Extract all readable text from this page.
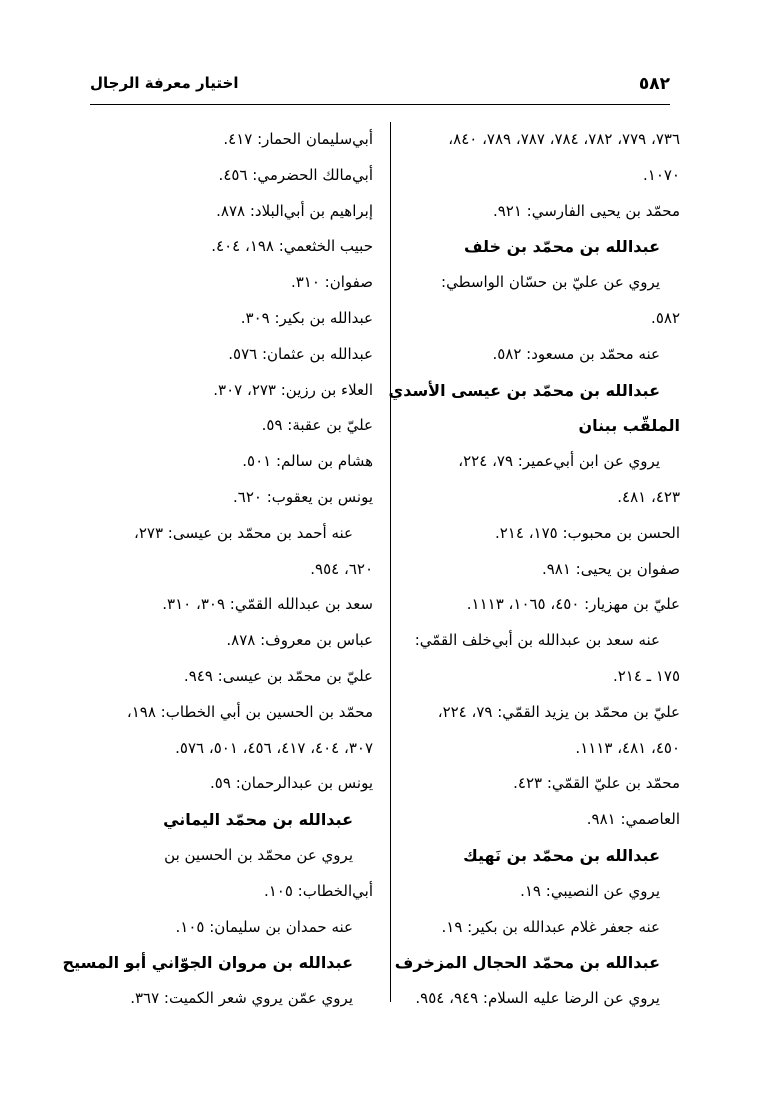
٥٨٢
اختيار معرفة الرجال
٧٣٦، ٧٧٩، ٧٨٢، ٧٨٤، ٧٨٧، ٧٨٩، ٨٤٠،
١٠٧٠.
محمّد بن يحيى الفارسي: ٩٢١.
عبدالله بن محمّد بن خلف
يروي عن عليّ بن حسّان الواسطي:
٥٨٢.
عنه محمّد بن مسعود: ٥٨٢.
عبدالله بن محمّد بن عيسى الأسدي
الملقّب ببنان
يروي عن ابن أبي‌عمير: ٧٩، ٢٢٤،
٤٢٣، ٤٨١.
الحسن بن محبوب: ١٧٥، ٢١٤.
صفوان بن يحيى: ٩٨١.
عليّ بن مهزيار: ٤٥٠، ١٠٦٥، ١١١٣.
عنه سعد بن عبدالله بن أبي‌خلف القمّي:
١٧٥ ـ ٢١٤.
عليّ بن محمّد بن يزيد القمّي: ٧٩، ٢٢٤،
٤٥٠، ٤٨١، ١١١٣.
محمّد بن عليّ القمّي: ٤٢٣.
العاصمي: ٩٨١.
عبدالله بن محمّد بن نَهيك
يروي عن النصيبي: ١٩.
عنه جعفر غلام عبدالله بن بكير: ١٩.
عبدالله بن محمّد الحجال المزخرف
يروي عن الرضا عليه السلام: ٩٤٩، ٩٥٤.
أبي‌سليمان الحمار: ٤١٧.
أبي‌مالك الحضرمي: ٤٥٦.
إبراهيم بن أبي‌البلاد: ٨٧٨.
حبيب الخثعمي: ١٩٨، ٤٠٤.
صفوان: ٣١٠.
عبدالله بن بكير: ٣٠٩.
عبدالله بن عثمان: ٥٧٦.
العلاء بن رزين: ٢٧٣، ٣٠٧.
عليّ بن عقبة: ٥٩.
هشام بن سالم: ٥٠١.
يونس بن يعقوب: ٦٢٠.
عنه أحمد بن محمّد بن عيسى: ٢٧٣،
٦٢٠، ٩٥٤.
سعد بن عبدالله القمّي: ٣٠٩، ٣١٠.
عباس بن معروف: ٨٧٨.
عليّ بن محمّد بن عيسى: ٩٤٩.
محمّد بن الحسين بن أبي الخطاب: ١٩٨،
٣٠٧، ٤٠٤، ٤١٧، ٤٥٦، ٥٠١، ٥٧٦.
يونس بن عبدالرحمان: ٥٩.
عبدالله بن محمّد اليماني
يروي عن محمّد بن الحسين بن
أبي‌الخطاب: ١٠٥.
عنه حمدان بن سليمان: ١٠٥.
عبدالله بن مروان الجوّاني أبو المسيح
يروي عمّن يروي شعر الكميت: ٣٦٧.
